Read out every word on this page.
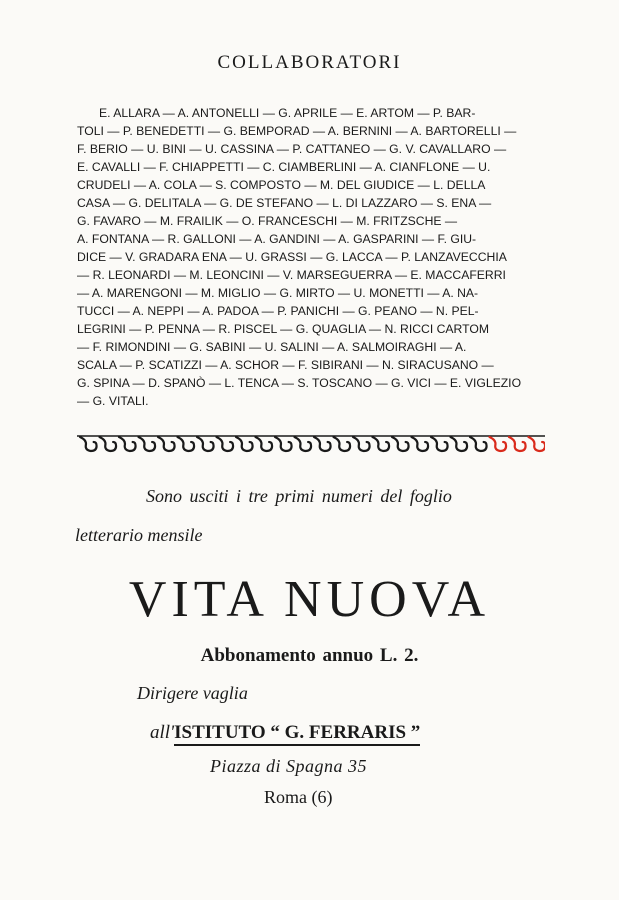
COLLABORATORI
E. ALLARA — A. ANTONELLI — G. APRILE — E. ARTOM — P. BAR-
TOLI — P. BENEDETTI — G. BEMPORAD — A. BERNINI — A. BARTORELLI —
F. BERIO — U. BINI — U. CASSINA — P. CATTANEO — G. V. CAVALLARO —
E. CAVALLI — F. CHIAPPETTI — C. CIAMBERLINI — A. CIANFLONE — U.
CRUDELI — A. COLA — S. COMPOSTO — M. DEL GIUDICE — L. DELLA
CASA — G. DELITALA — G. DE STEFANO — L. DI LAZZARO — S. ENA —
G. FAVARO — M. FRAILIK — O. FRANCESCHI — M. FRITZSCHE —
A. FONTANA — R. GALLONI — A. GANDINI — A. GASPARINI — F. GIU-
DICE — V. GRADARA ENA — U. GRASSI — G. LACCA — P. LANZAVECCHIA
— R. LEONARDI — M. LEONCINI — V. MARSEGUERRA — E. MACCAFERRI
— A. MARENGONI — M. MIGLIO — G. MIRTO — U. MONETTI — A. NA-
TUCCI — A. NEPPI — A. PADOA — P. PANICHI — G. PEANO — N. PEL-
LEGRINI — P. PENNA — R. PISCEL — G. QUAGLIA — N. RICCI CARTOM
— F. RIMONDINI — G. SABINI — U. SALINI — A. SALMOIRAGHI — A.
SCALA — P. SCATIZZI — A. SCHOR — F. SIBIRANI — N. SIRACUSANO —
G. SPINA — D. SPANÒ — L. TENCA — S. TOSCANO — G. VICI — E. VIGLEZIO
— G. VITALI.
Sono usciti i tre primi numeri del foglio
letterario mensile
VITA NUOVA
Abbonamento annuo L. 2.
Dirigere vaglia
all'ISTITUTO “ G. FERRARIS ”
Piazza di Spagna 35
Roma (6)
